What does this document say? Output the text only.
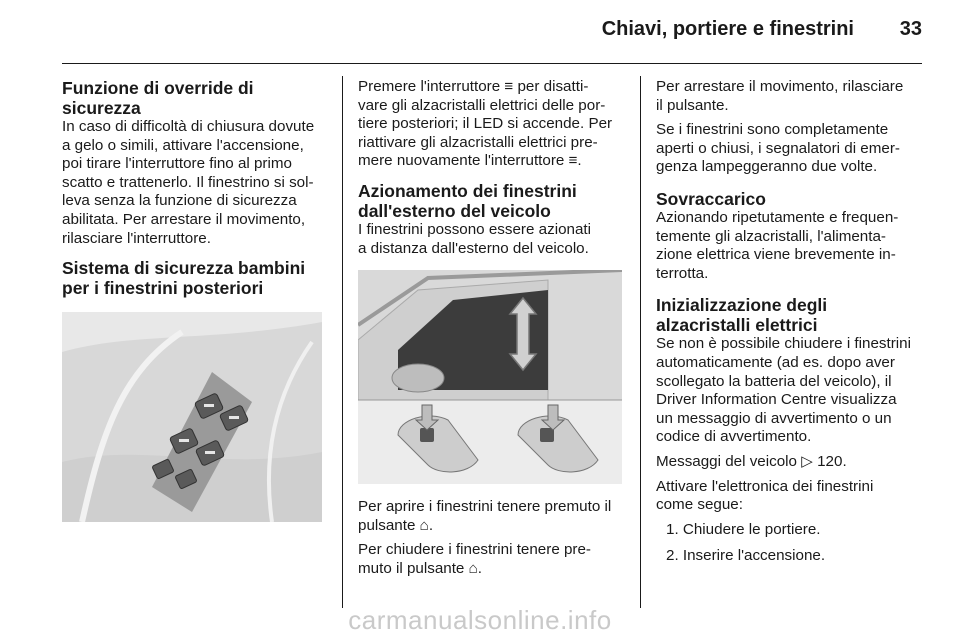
Chiavi, portiere e finestrini 33
Funzione di override di
sicurezza

In caso di difficoltà di chiusura dovute
a gelo o simili, attivare l'accensione,
poi tirare l'interruttore fino al primo
scatto e trattenerlo. Il finestrino si sol-
leva senza la funzione di sicurezza
abilitata. Per arrestare il movimento,
rilasciare l'interruttore.

Sistema di sicurezza bambini
per i finestrini posteriori

Premere l'interruttore ≡ per disatti-
vare gli alzacristalli elettrici delle por-
tiere posteriori; il LED si accende. Per
riattivare gli alzacristalli elettrici pre-
mere nuovamente l'interruttore ≡.

Azionamento dei finestrini
dall'esterno del veicolo

I finestrini possono essere azionati
a distanza dall'esterno del veicolo.

Per aprire i finestrini tenere premuto il
pulsante ⌂.

Per chiudere i finestrini tenere pre-
muto il pulsante ⌂.

Per arrestare il movimento, rilasciare
il pulsante.

Se i finestrini sono completamente
aperti o chiusi, i segnalatori di emer-
genza lampeggeranno due volte.

Sovraccarico

Azionando ripetutamente e frequen-
temente gli alzacristalli, l'alimenta-
zione elettrica viene brevemente in-
terrotta.

Inizializzazione degli
alzacristalli elettrici

Se non è possibile chiudere i finestrini
automaticamente (ad es. dopo aver
scollegato la batteria del veicolo), il
Driver Information Centre visualizza
un messaggio di avvertimento o un
codice di avvertimento.

Messaggi del veicolo ▷ 120.

Attivare l'elettronica dei finestrini
come segue:

1. Chiudere le portiere.
2. Inserire l'accensione.
carmanualsonline.info
